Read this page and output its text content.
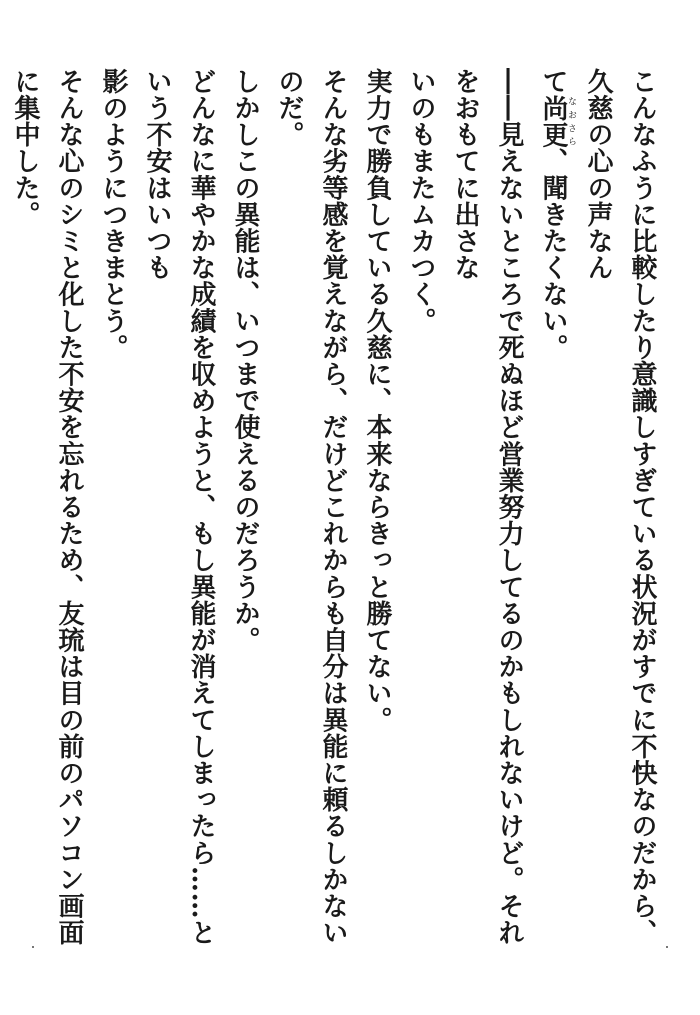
こんなふうに比較したり意識しすぎている状況がすでに不快なのだから、久慈の心の声なん

て尚更なおさら、聞きたくない。

――見えないところで死ぬほど営業努力してるのかもしれないけど。それをおもてに出さな

いのもまたムカつく。

実力で勝負している久慈に、本来ならきっと勝てない。

そんな劣等感を覚えながら、だけどこれからも自分は異能に頼るしかないのだ。

しかしこの異能は、いつまで使えるのだろうか。

どんなに華やかな成績を収めようと、もし異能が消えてしまったら……という不安はいつも

影のようにつきまとう。

そんな心のシミと化した不安を忘れるため、友琉は目の前のパソコン画面に集中した。
